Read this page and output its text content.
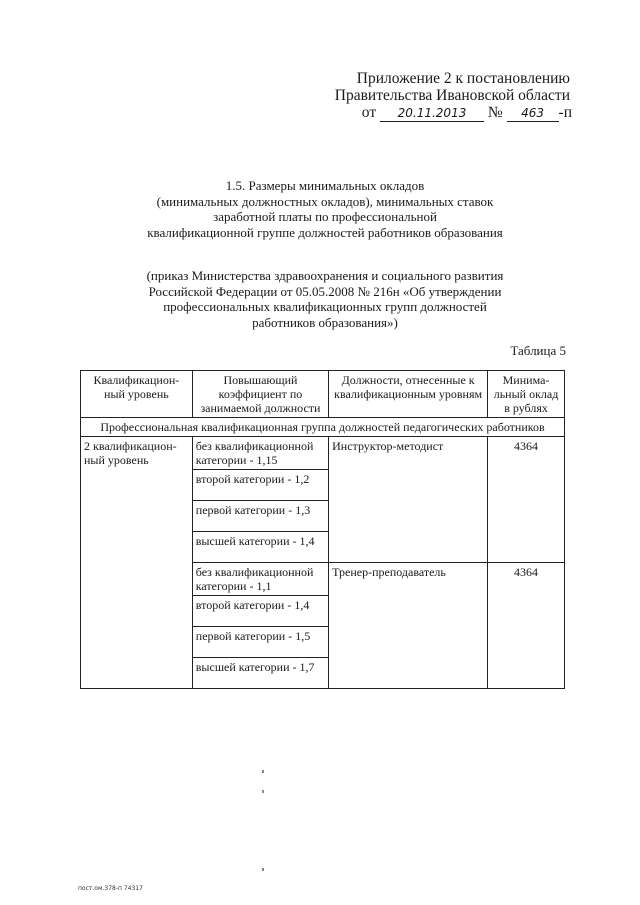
Приложение 2 к постановлению
Правительства Ивановской области
от 20.11.2013 № 463 -п
1.5. Размеры минимальных окладов
(минимальных должностных окладов), минимальных ставок
заработной платы по профессиональной
квалификационной группе должностей работников образования
(приказ Министерства здравоохранения и социального развития
Российской Федерации от 05.05.2008 № 216н «Об утверждении
профессиональных квалификационных групп должностей
работников образования»)
Таблица 5
Квалификацион-ный уровень	Повышающий коэффициент по занимаемой должности	Должности, отнесенные к квалификационным уровням	Минима-льный оклад в рублях
Профессиональная квалификационная группа должностей педагогических работников			
2 квалификацион-ный уровень	без квалификационной категории - 1,15	Инструктор-методист	4364
	второй категории - 1,2		
	первой категории - 1,3		
	высшей категории - 1,4		
	без квалификационной категории - 1,1	Тренер-преподаватель	4364
	второй категории - 1,4		
	первой категории - 1,5		
	высшей категории - 1,7		
пост.ом.378-п 74317
